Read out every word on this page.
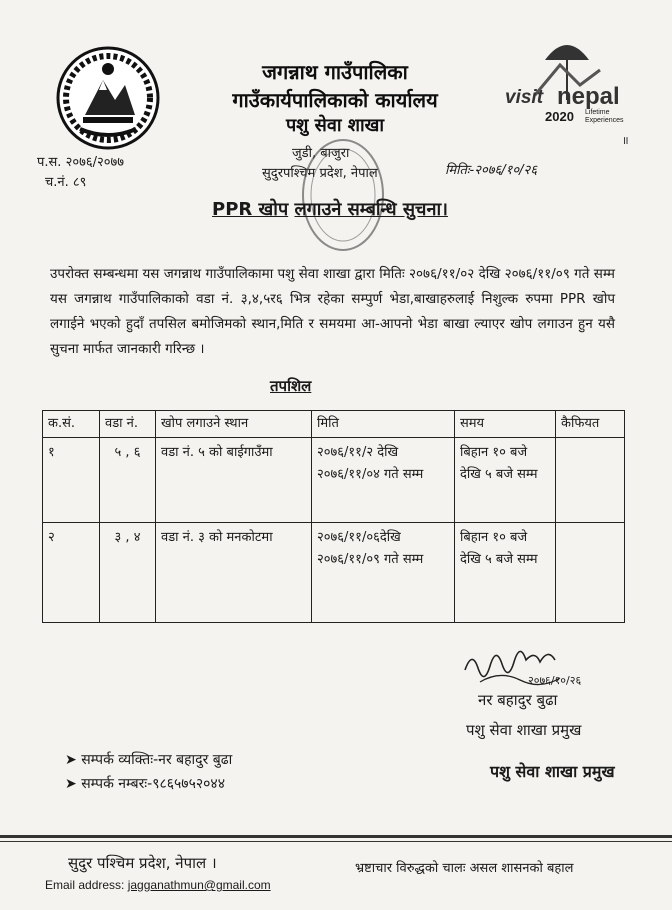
जगन्नाथ गाउँपालिका
गाउँकार्यपालिकाको कार्यालय
पशु सेवा शाखा
visit nepal
2020 Lifetime Experiences
॥
प.स. २०७६/२०७७
च.नं. ८९
जुडी, बाजुरा
सुदुरपश्चिम प्रदेश, नेपाल	मितिः-२०७६/१०/२६
PPR खोप लगाउने सम्बन्धि सुचना।
उपरोक्त सम्बन्धमा यस जगन्नाथ गाउँपालिकामा पशु सेवा शाखा द्वारा मितिः २०७६/११/०२ देखि २०७६/११/०९ गते सम्म यस जगन्नाथ गाउँपालिकाको वडा नं. ३,४,५र६ भित्र रहेका सम्पुर्ण भेडा,बाखाहरुलाई निशुल्क रुपमा PPR खोप लगाईने भएको हुदाँ तपसिल बमोजिमको स्थान,मिति र समयमा आ-आपनो भेडा बाखा ल्याएर खोप लगाउन हुन यसै सुचना मार्फत जानकारी गरिन्छ ।
तपशिल
क.सं.	वडा नं.	खोप लगाउने स्थान	मिति	समय	कैफियत
१	५ , ६	वडा नं. ५ को बाईगाउँमा	२०७६/११/२ देखि २०७६/११/०४ गते सम्म	बिहान १० बजे देखि ५ बजे सम्म	
२	३ , ४	वडा नं. ३ को मनकोटमा	२०७६/११/०६देखि २०७६/११/०९ गते सम्म	बिहान १० बजे देखि ५ बजे सम्म	
२०७६/१०/२६
नर बहादुर बुढा
पशु सेवा शाखा प्रमुख
पशु सेवा शाखा प्रमुख
➤ सम्पर्क व्यक्तिः-नर बहादुर बुढा
➤ सम्पर्क नम्बरः-९८६५७५२०४४
सुदुर पश्चिम प्रदेश, नेपाल ।
Email address: jagganathmun@gmail.com
भ्रष्टाचार विरुद्धको चालः असल शासनको बहाल
